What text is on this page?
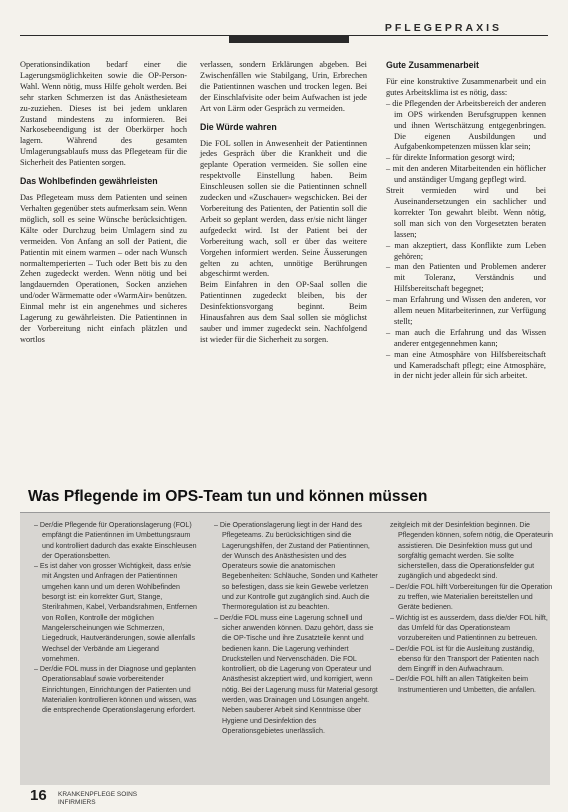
PFLEGEPRAXIS

Operationsindikation bedarf einer die Lagerungsmöglichkeiten sowie die OP-Person-Wahl. Wenn nötig, muss Hilfe geholt werden. Bei sehr starken Schmerzen ist das Anästhesieteam zu-zuziehen. Dieses ist bei jedem unklaren Zustand mindestens zu informieren. Bei Narkosebeendigung ist der Oberkörper hoch lagern. Während des gesamten Umlagerungsablaufs muss das Pflegeteam für die Sicherheit des Patienten sorgen.

Das Wohlbefinden gewährleisten

Das Pflegeteam muss dem Patienten und seinen Verhalten gegenüber stets aufmerksam sein. Wenn möglich, soll es seine Wünsche berücksichtigen. Kälte oder Durchzug beim Umlagern sind zu vermeiden. Von Anfang an soll der Patient, die Patientin mit einem warmen – oder nach Wunsch normaltemperierten – Tuch oder Bett bis zu den Zehen zugedeckt werden. Wenn nötig und bei langdauernden Operationen, Socken anziehen und/oder Wärmematte oder «WarmAir» benützen. Einmal mehr ist ein angenehmes und sicheres Lagerung zu gewährleisten. Die Patientinnen in der Vorbereitung nicht einfach plätzlen und wortlos

verlassen, sondern Erklärungen abgeben. Bei Zwischenfällen wie Stabilgang, Urin, Erbrechen die Patientinnen waschen und trocken legen. Bei der Einschlafvisite oder beim Aufwachen ist jede Art von Lärm oder Gespräch zu vermeiden.

Die Würde wahren

Die FOL sollen in Anwesenheit der Patientinnen jedes Gespräch über die Krankheit und die geplante Operation vermeiden. Sie sollen eine respektvolle Einstellung haben. Beim Einschleusen sollen sie die Patientinnen schnell zudecken und «Zuschauer» wegschicken. Bei der Vorbereitung des Patienten, der Patientin soll die Arbeit so geplant werden, dass er/sie nicht länger aufgedeckt wird. Ist der Patient bei der Vorbereitung wach, soll er über das weitere Vorgehen informiert werden. Seine Äusserungen gelten zu achten, unnötige Berührungen abgeschirmt werden.

Beim Einfahren in den OP-Saal sollen die Patientinnen zugedeckt bleiben, bis der Desinfektionsvorgang beginnt. Beim Hinausfahren aus dem Saal sollen sie möglichst sauber und immer zugedeckt sein. Nachfolgend ist wieder für die Sicherheit zu sorgen.

Gute Zusammenarbeit

Für eine konstruktive Zusammenarbeit und ein gutes Arbeitsklima ist es nötig, dass:

– die Pflegenden der Arbeitsbereich der anderen im OPS wirkenden Berufsgruppen kennen und ihnen Wertschätzung entgegenbringen. Die eigenen Ausbildungen und Aufgabenkompetenzen müssen klar sein;
– für direkte Information gesorgt wird;
– mit den anderen Mitarbeitenden ein höflicher und anständiger Umgang gepflegt wird.
Streit vermieden wird und bei Auseinandersetzungen ein sachlicher und korrekter Ton gewahrt bleibt. Wenn nötig, soll man sich von den Vorgesetzten beraten lassen;
– man akzeptiert, dass Konflikte zum Leben gehören;
– man den Patienten und Problemen anderer mit Toleranz, Verständnis und Hilfsbereitschaft begegnet;
– man Erfahrung und Wissen den anderen, vor allem neuen Mitarbeiterinnen, zur Verfügung stellt;
– man auch die Erfahrung und das Wissen anderer entgegennehmen kann;
– man eine Atmosphäre von Hilfsbereitschaft und Kameradschaft pflegt; eine Atmosphäre, in der nicht jeder allein für sich arbeitet.
Was Pflegende im OPS-Team tun und können müssen
– Der/die Pflegende für Operationslagerung (FOL) empfängt die Patientinnen im Umbettungsraum und kontrolliert dadurch das exakte Einschleusen der Operationsbetten.
– Es ist daher von grosser Wichtigkeit, dass er/sie mit Ängsten und Anfragen der Patientinnen umgehen kann und um deren Wohlbefinden besorgt ist: ein korrekter Gurt, Stange, Sterilrahmen, Kabel, Verbandsrahmen, Entfernen von Rollen, Kontrolle der möglichen Mangelerscheinungen wie Schmerzen, Liegedruck, Hautveränderungen, sowie allenfalls Wechsel der Verbände am Liegerand vornehmen.
– Der/die FOL muss in der Diagnose und geplanten Operationsablauf sowie vorbereitender Einrichtungen, Einrichtungen der Patienten und Materialien kontrollieren können und wissen, was die entsprechende Operationslagerung erfordert.
– Die Operationslagerung liegt in der Hand des Pflegeteams. Zu berücksichtigen sind die Lagerungshilfen, der Zustand der Patientinnen, der Wunsch des Anästhesisten und des Operateurs sowie die anatomischen Begebenheiten: Schläuche, Sonden und Katheter so befestigen, dass sie kein Gewebe verletzen und zur Kontrolle gut zugänglich sind. Auch die Thermoregulation ist zu beachten.
– Der/die FOL muss eine Lagerung schnell und sicher anwenden können. Dazu gehört, dass sie die OP-Tische und ihre Zusatzteile kennt und bedienen kann. Die Lagerung verhindert Druckstellen und Nervenschäden. Die FOL kontrolliert, ob die Lagerung von Operateur und Anästhesist akzeptiert wird, und korrigiert, wenn nötig. Bei der Lagerung muss für Material gesorgt werden, was Drainagen und Lösungen angeht. Neben sauberer Arbeit sind Kenntnisse über Hygiene und Desinfektion des Operationsgebietes unerlässlich.
zeitgleich mit der Desinfektion beginnen. Die Pflegenden können, sofern nötig, die Operateurin assistieren. Die Desinfektion muss gut und sorgfältig gemacht werden. Sie sollte sicherstellen, dass die Operationsfelder gut zugänglich und abgedeckt sind.
– Der/die FOL hilft Vorbereitungen für die Operation zu treffen, wie Materialien bereitstellen und Geräte bedienen.
– Wichtig ist es ausserdem, dass die/der FOL hilft, das Umfeld für das Operationsteam vorzubereiten und Patientinnen zu betreuen.
– Der/die FOL ist für die Ausleitung zuständig, ebenso für den Transport der Patienten nach dem Eingriff in den Aufwachraum.
– Der/die FOL hilft an allen Tätigkeiten beim Instrumentieren und Umbetten, die anfallen.
16 KRANKENPFLEGE SOINS INFIRMIERS
